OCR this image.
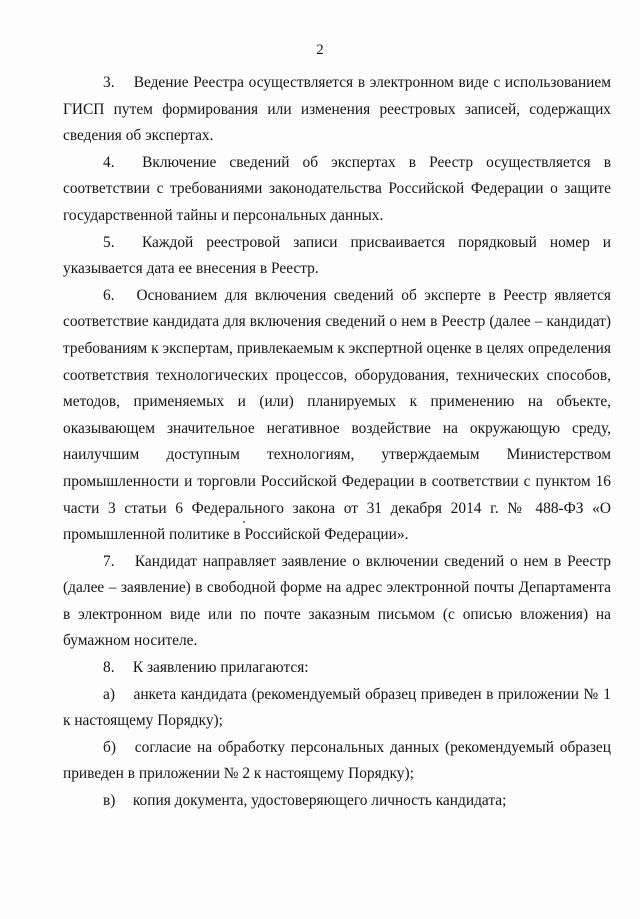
2

3. Ведение Реестра осуществляется в электронном виде с использованием ГИСП путем формирования или изменения реестровых записей, содержащих сведения об экспертах.

4. Включение сведений об экспертах в Реестр осуществляется в соответствии с требованиями законодательства Российской Федерации о защите государственной тайны и персональных данных.

5. Каждой реестровой записи присваивается порядковый номер и указывается дата ее внесения в Реестр.

6. Основанием для включения сведений об эксперте в Реестр является соответствие кандидата для включения сведений о нем в Реестр (далее – кандидат) требованиям к экспертам, привлекаемым к экспертной оценке в целях определения соответствия технологических процессов, оборудования, технических способов, методов, применяемых и (или) планируемых к применению на объекте, оказывающем значительное негативное воздействие на окружающую среду, наилучшим доступным технологиям, утверждаемым Министерством промышленности и торговли Российской Федерации в соответствии с пунктом 16 части 3 статьи 6 Федерального закона от 31 декабря 2014 г. № 488-ФЗ «О промышленной политике в Российской Федерации».

7. Кандидат направляет заявление о включении сведений о нем в Реестр (далее – заявление) в свободной форме на адрес электронной почты Департамента в электронном виде или по почте заказным письмом (с описью вложения) на бумажном носителе.

8. К заявлению прилагаются:

а) анкета кандидата (рекомендуемый образец приведен в приложении № 1 к настоящему Порядку);

б) согласие на обработку персональных данных (рекомендуемый образец приведен в приложении № 2 к настоящему Порядку);

в) копия документа, удостоверяющего личность кандидата;
